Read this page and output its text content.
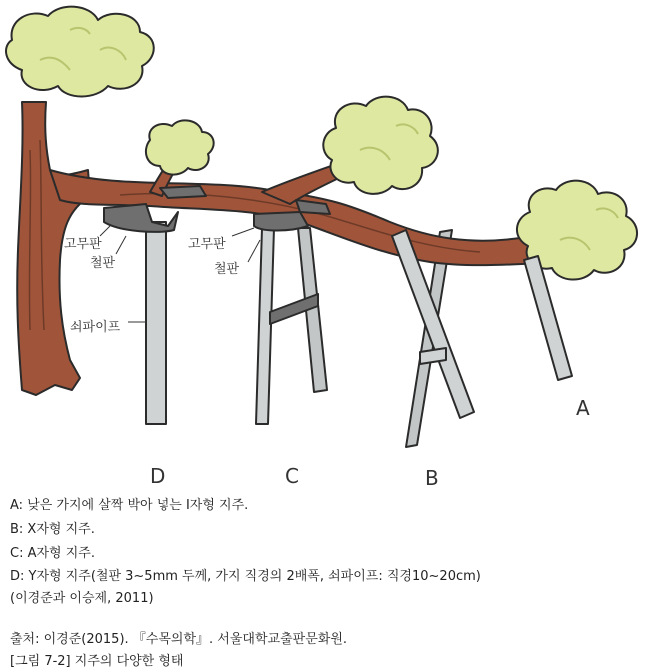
고무판
철판
고무판
철판
쇠파이프
D	C	B
A
A: 낮은 가지에 살짝 박아 넣는 I자형 지주.
B: X자형 지주.
C: A자형 지주.
D: Y자형 지주(철판 3~5mm 두께, 가지 직경의 2배폭, 쇠파이프: 직경10~20cm)
(이경준과 이승제, 2011)
출처: 이경준(2015). 『수목의학』. 서울대학교출판문화원.
[그림 7-2] 지주의 다양한 형태
